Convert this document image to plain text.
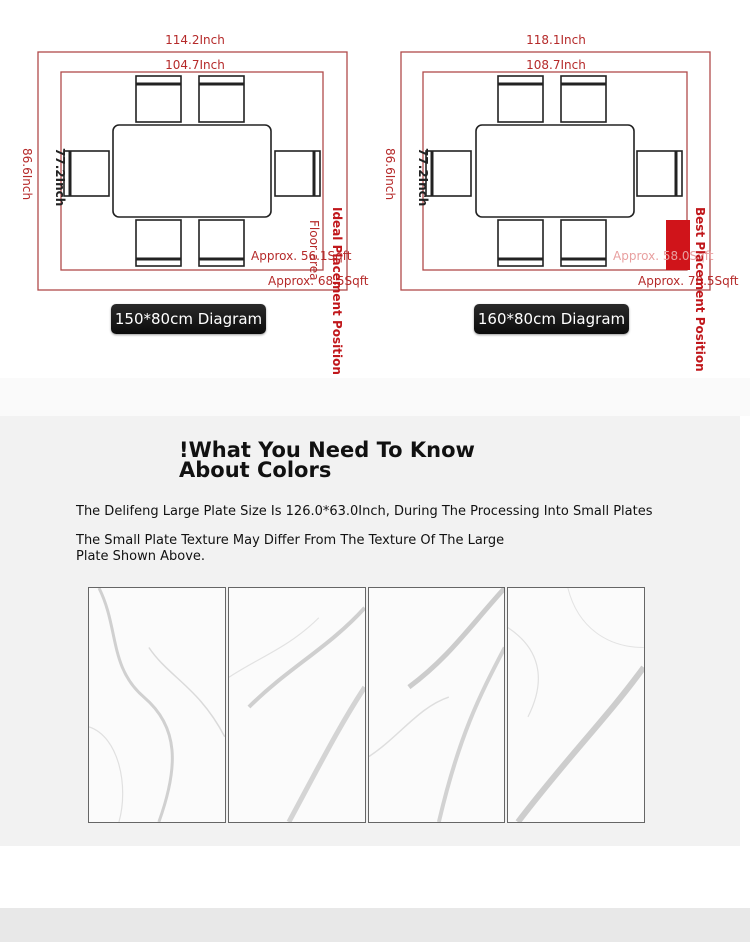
114.2Inch
104.7Inch
86.6Inch 77.2Inch
Floor area
Approx. 56.1Sqft
Approx. 68.5Sqft
Ideal Placement Position
150*80cm Diagram
118.1Inch
108.7Inch
86.6Inch 77.2Inch
Approx. 58.0Sqft
Approx. 70.5Sqft
Best Placement Position
160*80cm Diagram
!What You Need To Know About Colors
The Delifeng Large Plate Size Is 126.0*63.0Inch, During The Processing Into Small Plates
The Small Plate Texture May Differ From The Texture Of The Large Plate Shown Above.
